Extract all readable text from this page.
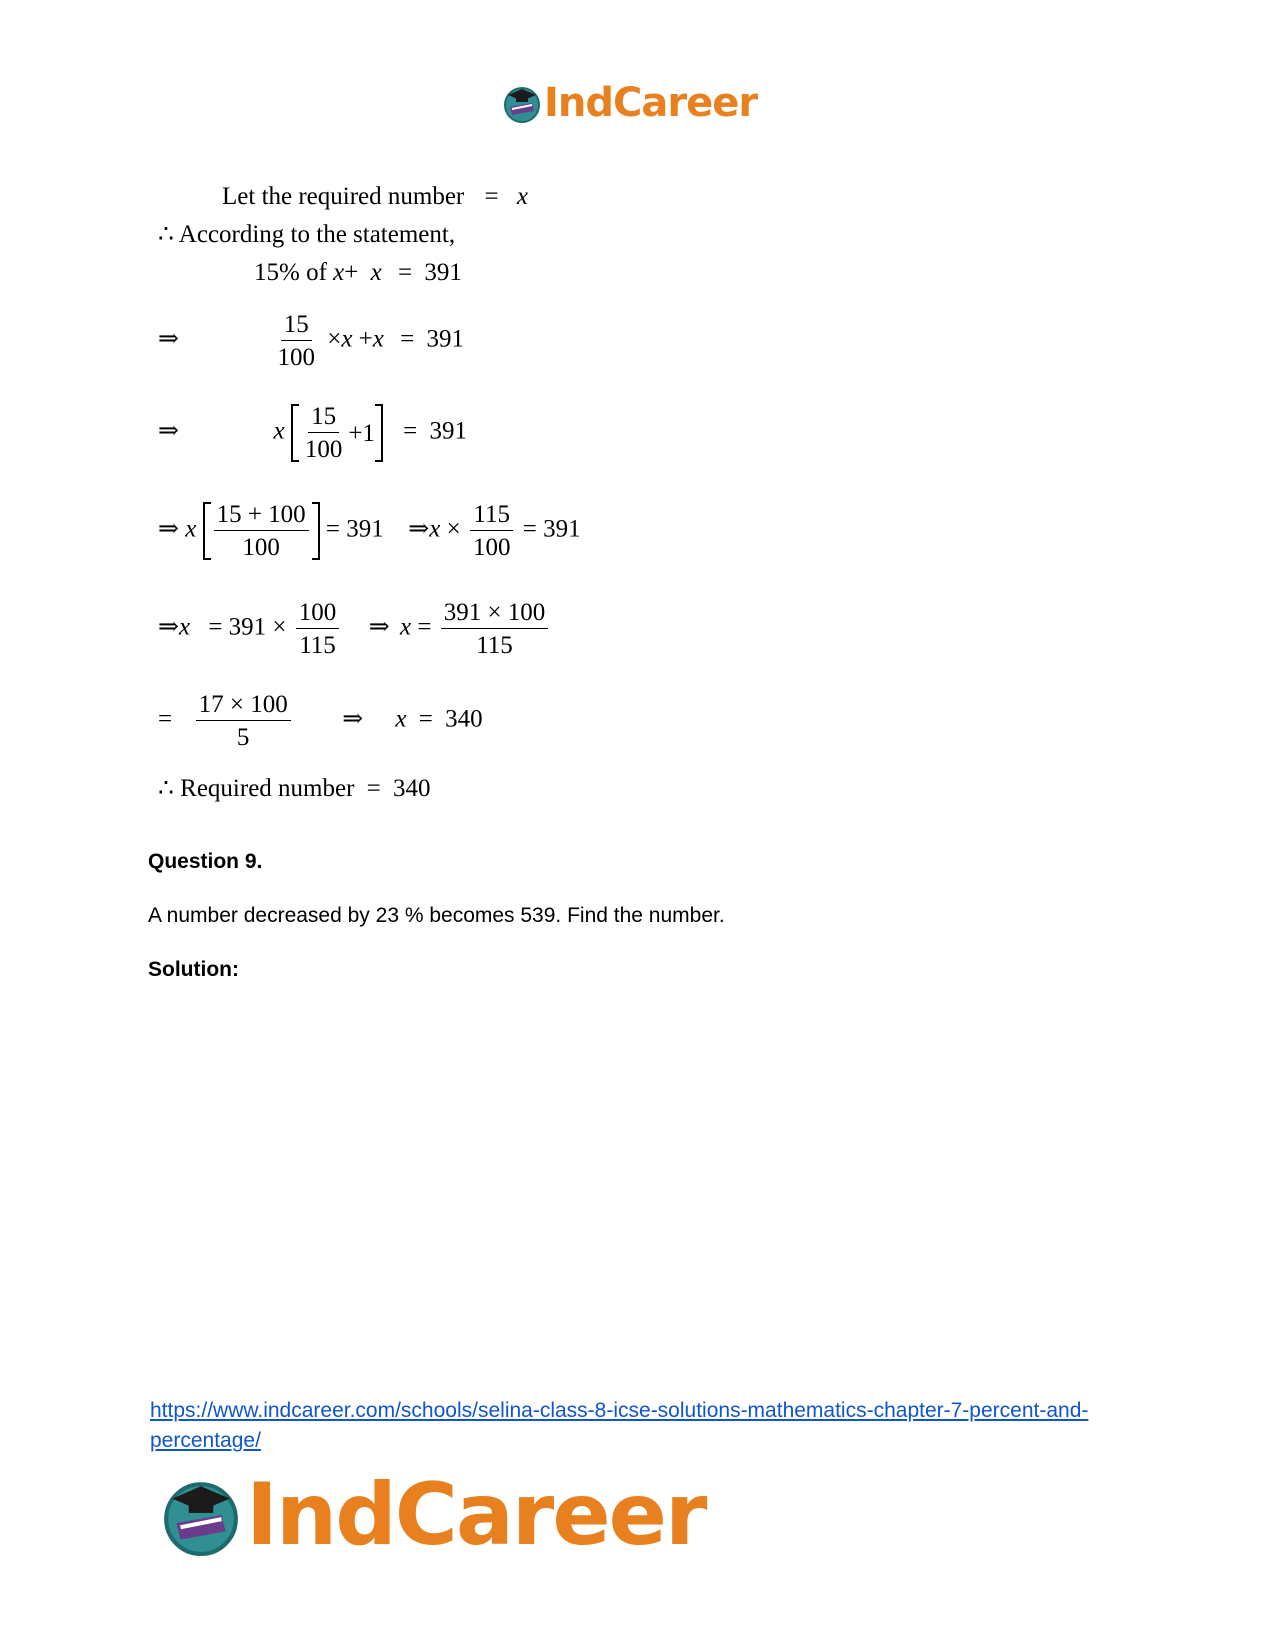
IndCareer
Let the required number = x
∴ According to the statement,
15% of x+ x = 391
⇒	$\frac{15}{100} \times x +x = 391$
⇒	x $\frac{15}{100} +1 = 391$
⇒ x $\frac{15 + 100}{100} = 391$ ⇒x × $\frac{115}{100} = 391$
⇒x = $391 \times \frac{100}{115}$ ⇒ $x = \frac{391 \times 100}{115}$
= $\frac{17 \times 100}{5}$ ⇒ x = 340
∴ Required number = 340
Question 9.
A number decreased by 23 % becomes 539. Find the number.
Solution:
https://www.indcareer.com/schools/selina-class-8-icse-solutions-mathematics-chapter-7-percent-and-percentage/
IndCareer
